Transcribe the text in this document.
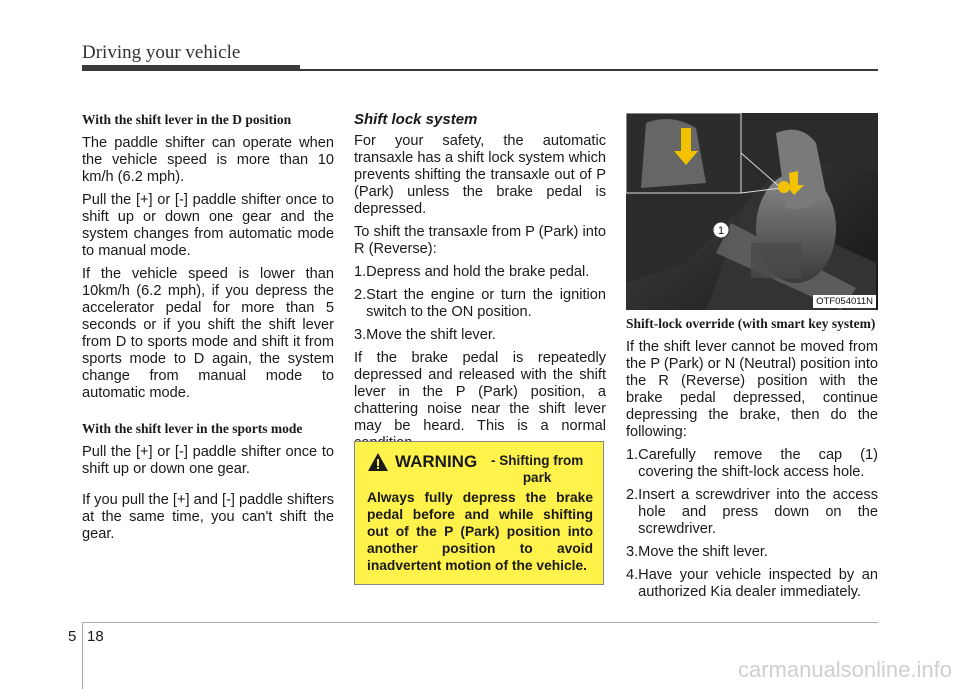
Driving your vehicle
With the shift lever in the D position

The paddle shifter can operate when the vehicle speed is more than 10 km/h (6.2 mph).

Pull the [+] or [-] paddle shifter once to shift up or down one gear and the system changes from automatic mode to manual mode.

If the vehicle speed is lower than 10km/h (6.2 mph), if you depress the accelerator pedal for more than 5 seconds or if you shift the shift lever from D to sports mode and shift it from sports mode to D again, the system change from manual mode to automatic mode.

With the shift lever in the sports mode

Pull the [+] or [-] paddle shifter once to shift up or down one gear.

If you pull the [+] and [-] paddle shifters at the same time, you can't shift the gear.

Shift lock system

For your safety, the automatic transaxle has a shift lock system which prevents shifting the transaxle out of P (Park) unless the brake pedal is depressed.

To shift the transaxle from P (Park) into R (Reverse):

1. Depress and hold the brake pedal.
2. Start the engine or turn the ignition switch to the ON position.
3. Move the shift lever.

If the brake pedal is repeatedly depressed and released with the shift lever in the P (Park) position, a chattering noise near the shift lever may be heard. This is a normal

WARNING	- Shifting from park
Always fully depress the brake pedal before and while shifting out of the P (Park) position into another position to avoid inadvertent motion of the vehicle.
1
OTF054011N
Shift-lock override (with smart key system)

If the shift lever cannot be moved from the P (Park) or N (Neutral) position into the R (Reverse) position with the brake pedal depressed, continue depressing the brake, then do the following:

1. Carefully remove the cap (1) covering the shift-lock access hole.
2. Insert a screwdriver into the access hole and press down on the screwdriver.
3. Move the shift lever.
4. Have your vehicle inspected by an authorized Kia dealer immediately.
5 18
carmanualsonline.info
